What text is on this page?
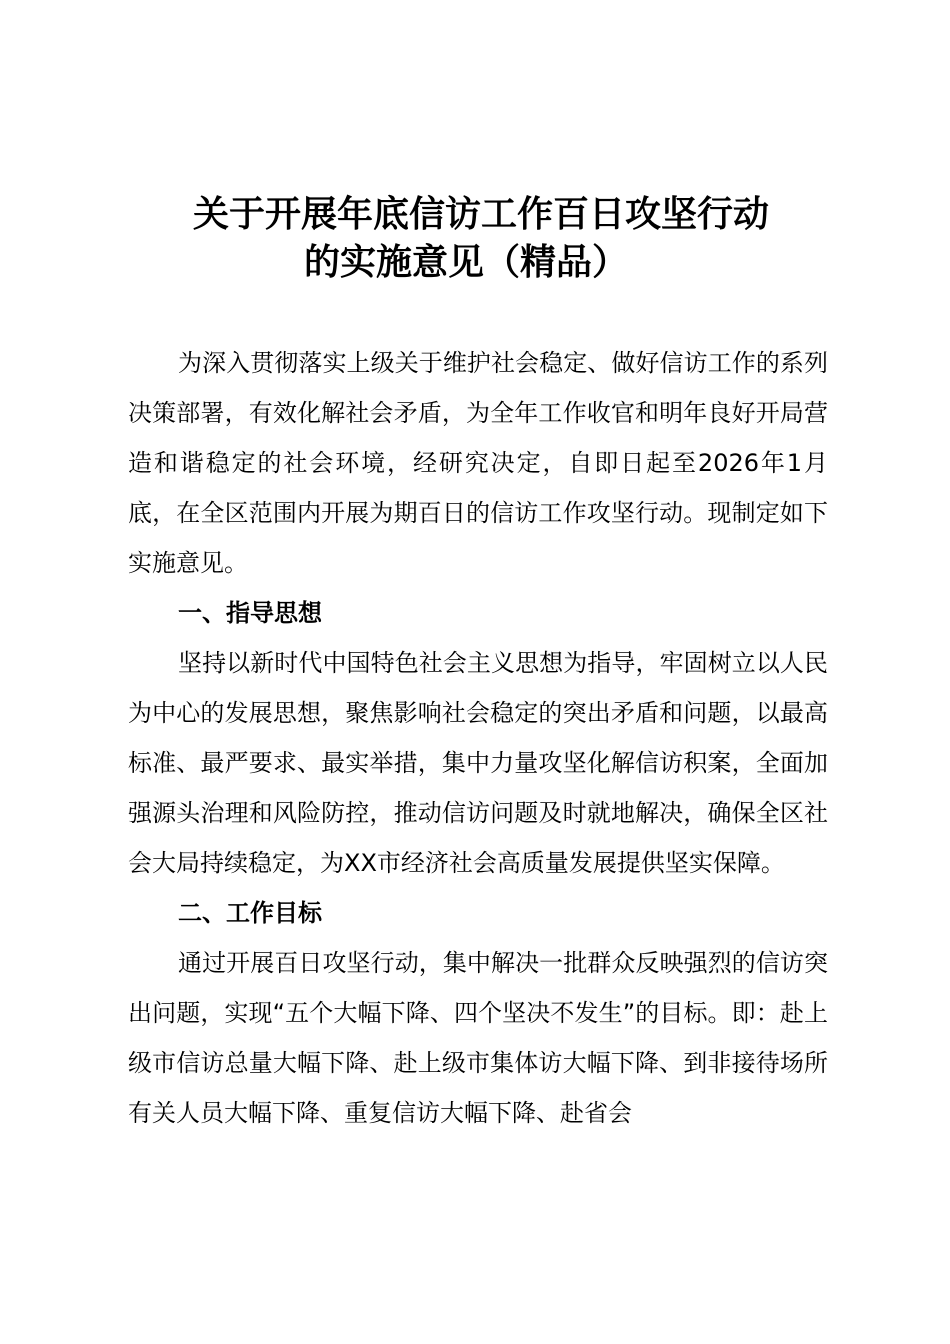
关于开展年底信访工作百日攻坚行动
的实施意见（精品）

为深入贯彻落实上级关于维护社会稳定、做好信访工作的系列决策部署，有效化解社会矛盾，为全年工作收官和明年良好开局营造和谐稳定的社会环境，经研究决定，自即日起至2026年1月底，在全区范围内开展为期百日的信访工作攻坚行动。现制定如下实施意见。

一、指导思想

坚持以新时代中国特色社会主义思想为指导，牢固树立以人民为中心的发展思想，聚焦影响社会稳定的突出矛盾和问题，以最高标准、最严要求、最实举措，集中力量攻坚化解信访积案，全面加强源头治理和风险防控，推动信访问题及时就地解决，确保全区社会大局持续稳定，为XX市经济社会高质量发展提供坚实保障。

二、工作目标

通过开展百日攻坚行动，集中解决一批群众反映强烈的信访突出问题，实现“五个大幅下降、四个坚决不发生”的目标。即：赴上级市信访总量大幅下降、赴上级市集体访大幅下降、到非接待场所有关人员大幅下降、重复信访大幅下降、赴省会
